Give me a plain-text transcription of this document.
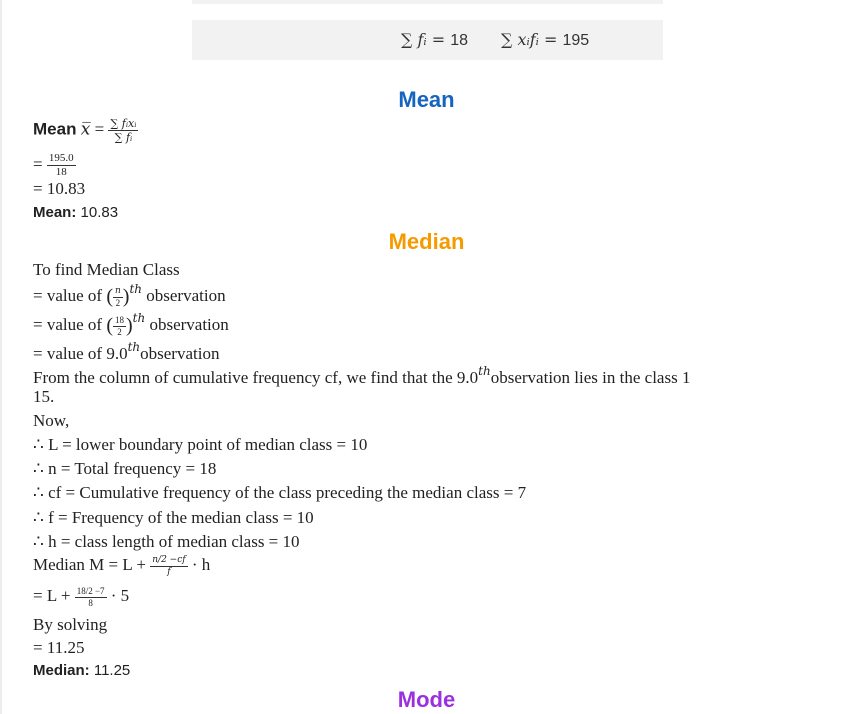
∑ fᵢ = 18 ∑ xᵢfᵢ = 195
Mean
Mean x̅ = $\frac{\text{∑ fᵢxᵢ}}{\text{∑ fᵢ}}$
= $\frac{195.0}{18}$
= 10.83
Mean: 10.83
Median
To find Median Class
= value of ( $\frac{n}{2} )^{th}$ observation
= value of ( $\frac{18}{2} )^{th}$ observation
= value of 9.0thobservation
From the column of cumulative frequency cf, we find that the 9.0thobservation lies in the class 1
15.
Now,
∴ L = lower boundary point of median class = 10
∴ n = Total frequency = 18
∴ cf = Cumulative frequency of the class preceding the median class = 7
∴ f = Frequency of the median class = 10
∴ h = class length of median class = 10
Median $M = L + \frac{n/2 -cf}{f} \cdot h$
= $L + \frac{18/2 -7}{8} \cdot 5$
By solving
= 11.25
Median: 11.25
Mode
